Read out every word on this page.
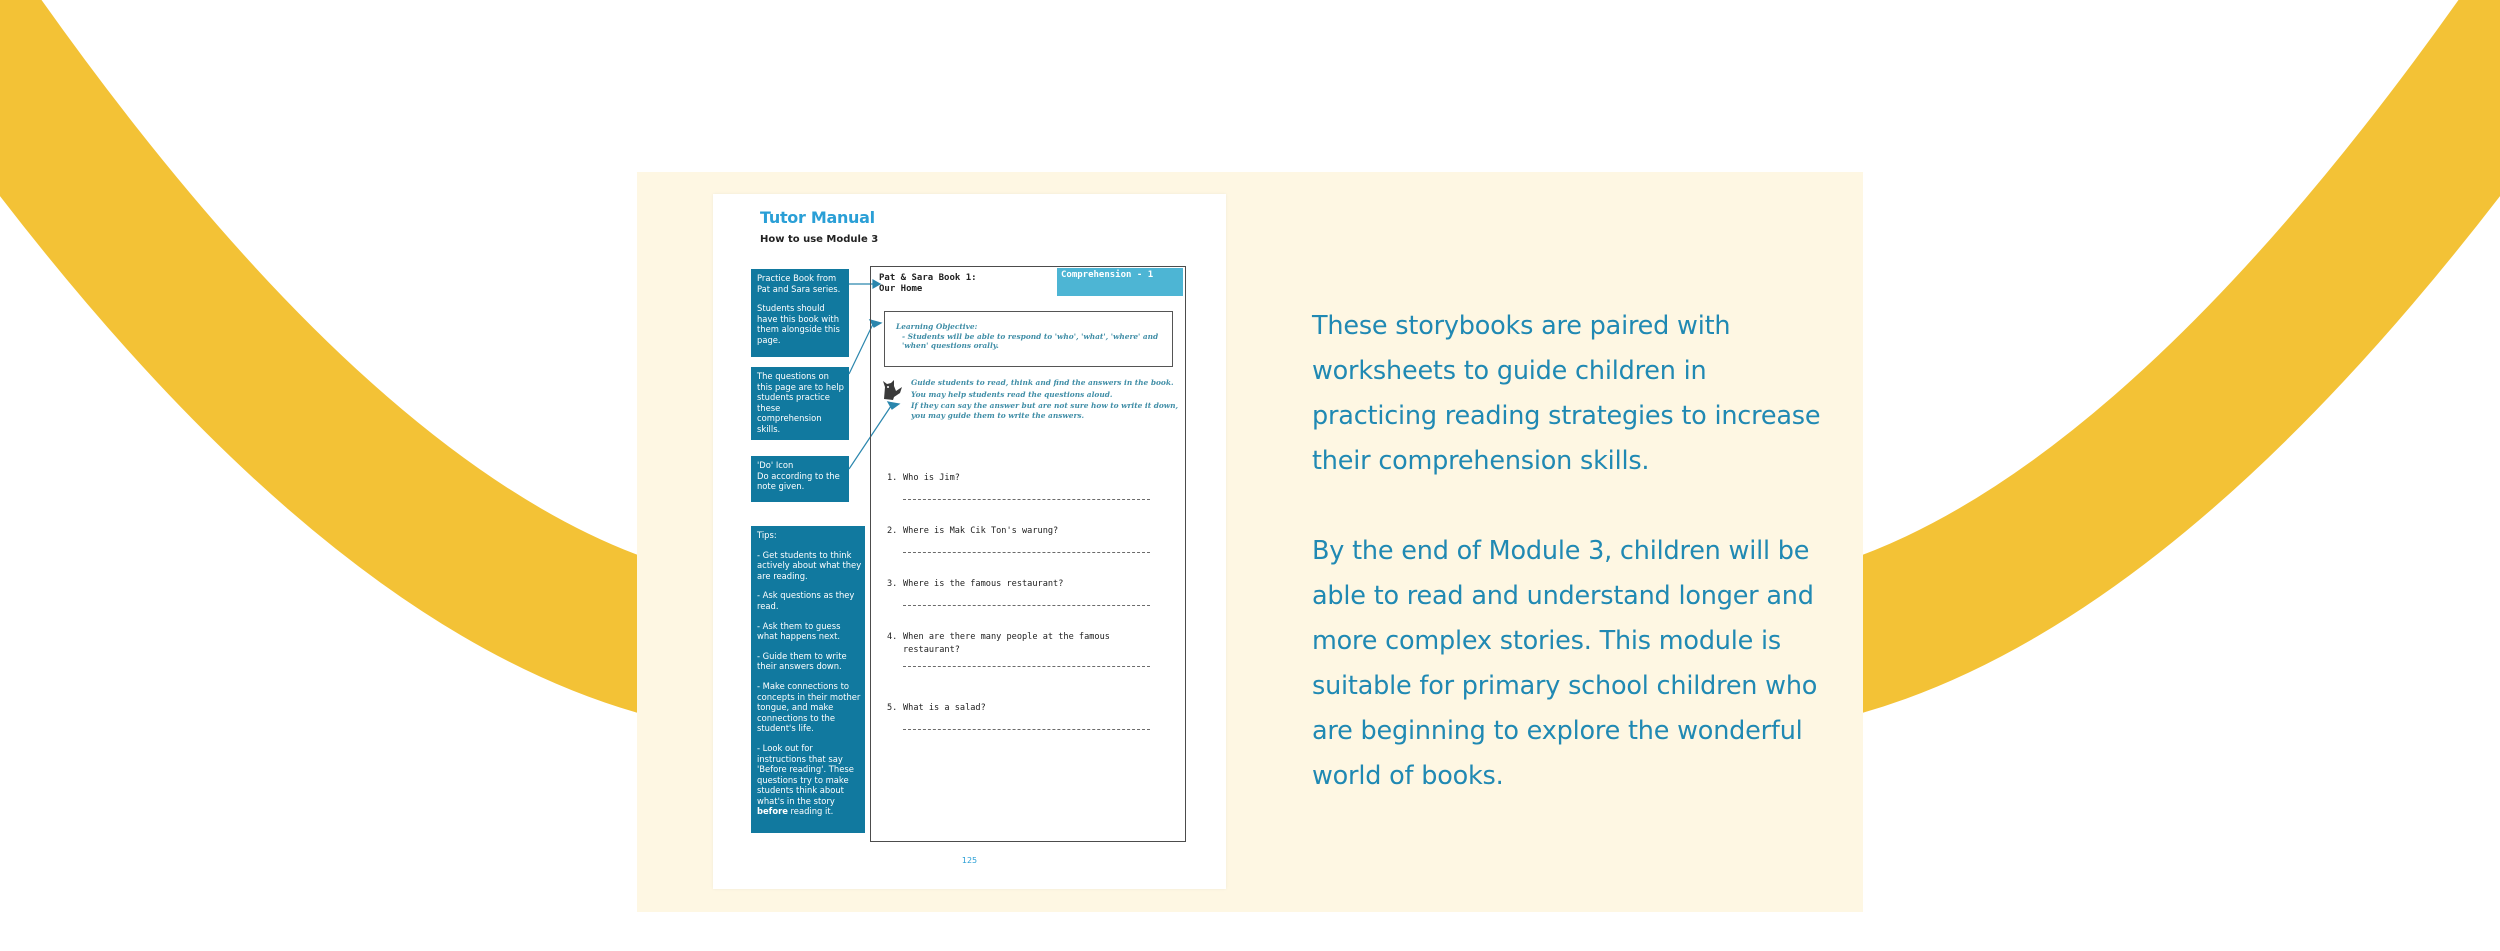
Tutor Manual
How to use Module 3

Practice Book from Pat and Sara series.

Students should have this book with them alongside this page.

The questions on this page are to help students practice these comprehension skills.

'Do' Icon
Do according to the note given.

Tips:

- Get students to think actively about what they are reading.

- Ask questions as they read.

- Ask them to guess what happens next.

- Guide them to write their answers down.

- Make connections to concepts in their mother tongue, and make connections to the student's life.

- Look out for instructions that say 'Before reading'. These questions try to make students think about what's in the story before reading it.

Pat & Sara Book 1:
Our Home
Comprehension - 1
Learning Objective:
- Students will be able to respond to 'who', 'what', 'where' and 'when' questions orally.

Guide students to read, think and find the answers in the book.

You may help students read the questions aloud.

If they can say the answer but are not sure how to write it down, you may guide them to write the answers.

1. Who is Jim?
2. Where is Mak Cik Ton's warung?
3. Where is the famous restaurant?
4. When are there many people at the famous restaurant?
5. What is a salad?
125

These storybooks are paired with worksheets to guide children in practicing reading strategies to increase their comprehension skills.

By the end of Module 3, children will be able to read and understand longer and more complex stories. This module is suitable for primary school children who are beginning to explore the wonderful world of books.
